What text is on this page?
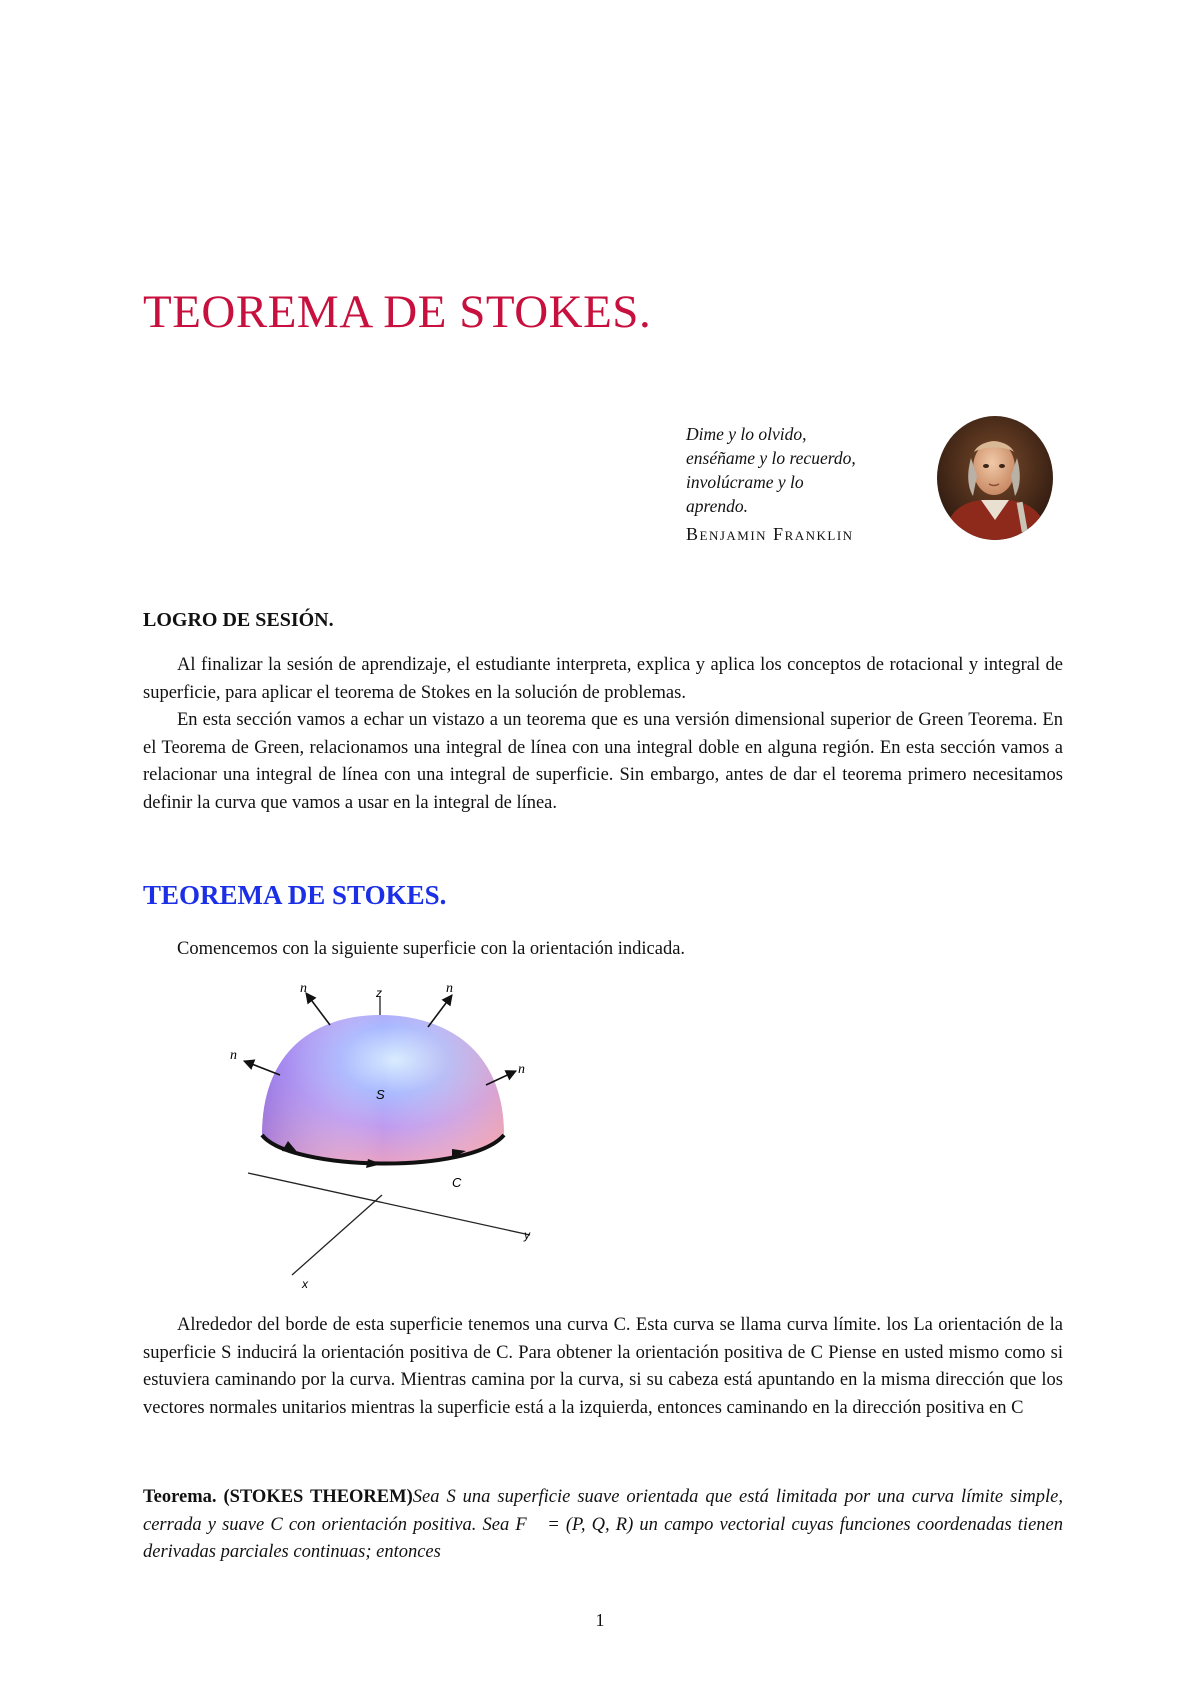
TEOREMA DE STOKES.
Dime y lo olvido,
enséñame y lo recuerdo,
involúcrame y lo
aprendo.
Benjamin Franklin
LOGRO DE SESIÓN.

Al finalizar la sesión de aprendizaje, el estudiante interpreta, explica y aplica los conceptos de rotacional y integral de superficie, para aplicar el teorema de Stokes en la solución de problemas.

En esta sección vamos a echar un vistazo a un teorema que es una versión dimensional superior de Green Teorema. En el Teorema de Green, relacionamos una integral de línea con una integral doble en alguna región. En esta sección vamos a relacionar una integral de línea con una integral de superficie. Sin embargo, antes de dar el teorema primero necesitamos definir la curva que vamos a usar en la integral de línea.

TEOREMA DE STOKES.

Comencemos con la siguiente superficie con la orientación indicada.

n⃗	n⃗
n⃗
n⃗
z
S
C
y
x

Alrededor del borde de esta superficie tenemos una curva C. Esta curva se llama curva límite. los La orientación de la superficie S inducirá la orientación positiva de C. Para obtener la orientación positiva de C Piense en usted mismo como si estuviera caminando por la curva. Mientras camina por la curva, si su cabeza está apuntando en la misma dirección que los vectores normales unitarios mientras la superficie está a la izquierda, entonces caminando en la dirección positiva en C

Teorema. (STOKES THEOREM)Sea S una superficie suave orientada que está limitada por una curva límite simple, cerrada y suave C con orientación positiva. Sea F⃗ = (P, Q, R) un campo vectorial cuyas funciones coordenadas tienen derivadas parciales continuas; entonces

1
